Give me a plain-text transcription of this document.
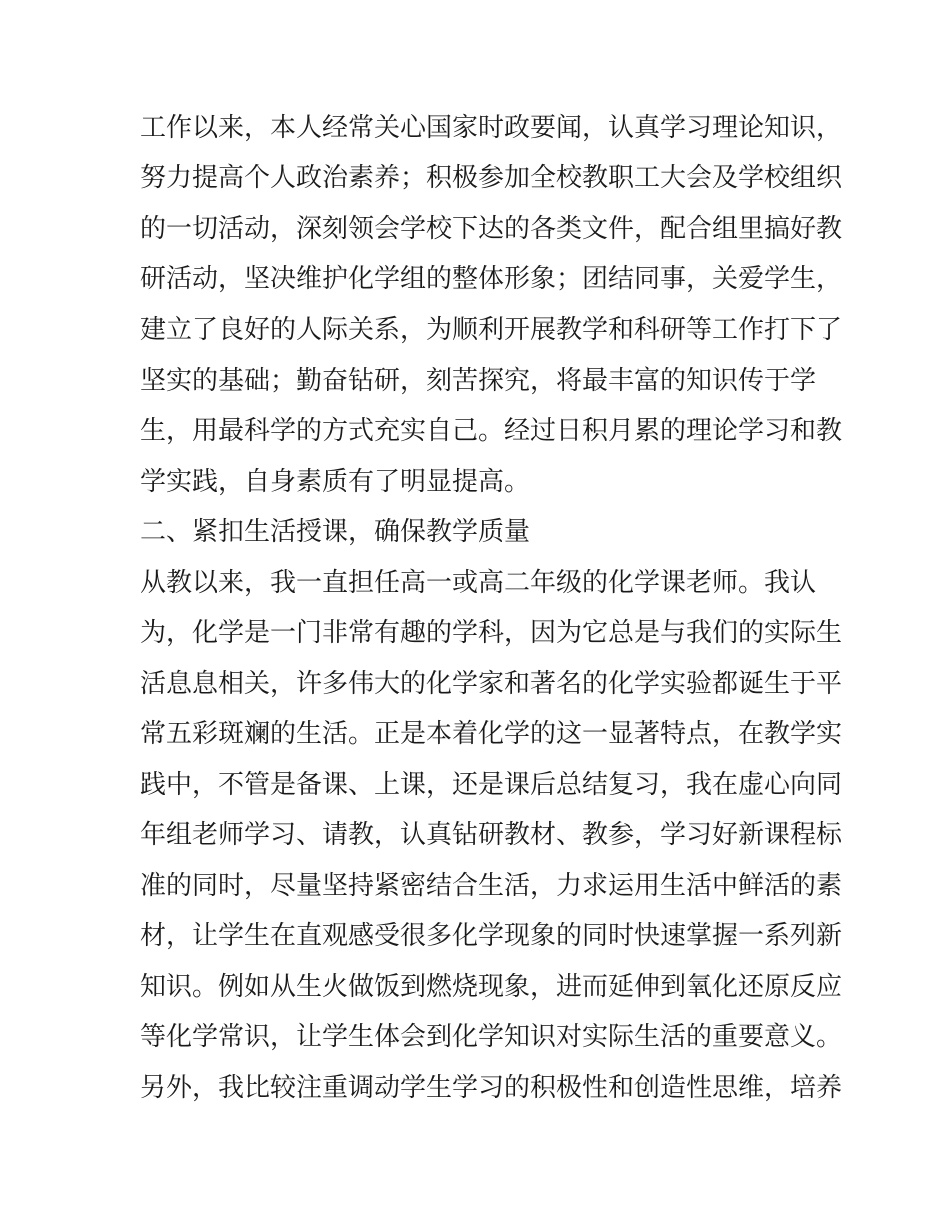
工作以来，本人经常关心国家时政要闻，认真学习理论知识，

努力提高个人政治素养；积极参加全校教职工大会及学校组织

的一切活动，深刻领会学校下达的各类文件，配合组里搞好教

研活动，坚决维护化学组的整体形象；团结同事，关爱学生，

建立了良好的人际关系，为顺利开展教学和科研等工作打下了

坚实的基础；勤奋钻研，刻苦探究，将最丰富的知识传于学

生，用最科学的方式充实自己。经过日积月累的理论学习和教

学实践，自身素质有了明显提高。

二、紧扣生活授课，确保教学质量

从教以来，我一直担任高一或高二年级的化学课老师。我认

为，化学是一门非常有趣的学科，因为它总是与我们的实际生

活息息相关，许多伟大的化学家和著名的化学实验都诞生于平

常五彩斑斓的生活。正是本着化学的这一显著特点，在教学实

践中，不管是备课、上课，还是课后总结复习，我在虚心向同

年组老师学习、请教，认真钻研教材、教参，学习好新课程标

准的同时，尽量坚持紧密结合生活，力求运用生活中鲜活的素

材，让学生在直观感受很多化学现象的同时快速掌握一系列新

知识。例如从生火做饭到燃烧现象，进而延伸到氧化还原反应

等化学常识，让学生体会到化学知识对实际生活的重要意义。

另外，我比较注重调动学生学习的积极性和创造性思维，培养
